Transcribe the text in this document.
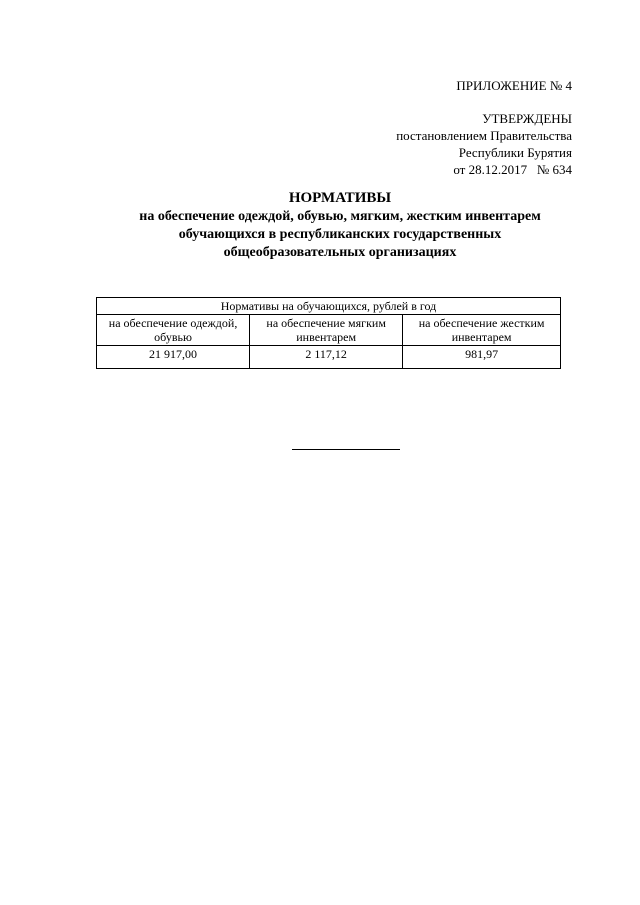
ПРИЛОЖЕНИЕ № 4
УТВЕРЖДЕНЫ
постановлением Правительства
Республики Бурятия
от 28.12.2017   № 634
НОРМАТИВЫ
на обеспечение одеждой, обувью, мягким, жестким инвентарем
обучающихся в республиканских государственных
общеобразовательных организациях
Нормативы на обучающихся, рублей в год		
на обеспечение одеждой, обувью	на обеспечение мягким инвентарем	на обеспечение жестким инвентарем
21 917,00	2 117,12	981,97
